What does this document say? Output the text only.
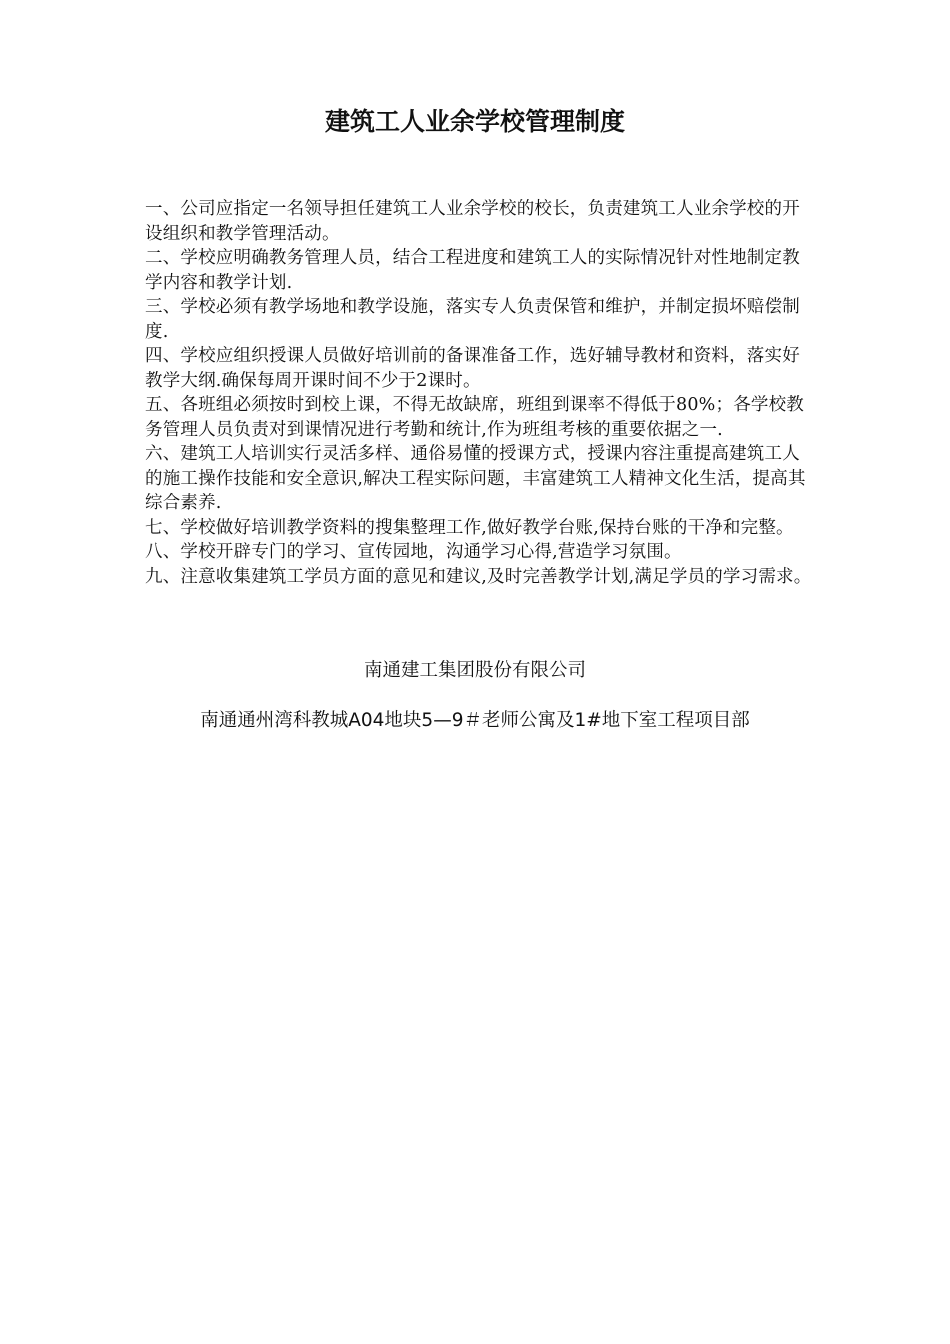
建筑工人业余学校管理制度

一、公司应指定一名领导担任建筑工人业余学校的校长，负责建筑工人业余学校的开设组织和教学管理活动。

二、学校应明确教务管理人员，结合工程进度和建筑工人的实际情况针对性地制定教学内容和教学计划.

三、学校必须有教学场地和教学设施，落实专人负责保管和维护，并制定损坏赔偿制度.

四、学校应组织授课人员做好培训前的备课准备工作，选好辅导教材和资料，落实好教学大纲.确保每周开课时间不少于2课时。

五、各班组必须按时到校上课，不得无故缺席，班组到课率不得低于80%；各学校教务管理人员负责对到课情况进行考勤和统计,作为班组考核的重要依据之一.

六、建筑工人培训实行灵活多样、通俗易懂的授课方式，授课内容注重提高建筑工人的施工操作技能和安全意识,解决工程实际问题，丰富建筑工人精神文化生活，提高其综合素养.

七、学校做好培训教学资料的搜集整理工作,做好教学台账,保持台账的干净和完整。

八、学校开辟专门的学习、宣传园地，沟通学习心得,营造学习氛围。

九、注意收集建筑工学员方面的意见和建议,及时完善教学计划,满足学员的学习需求。

南通建工集团股份有限公司

南通通州湾科教城A04地块5—9＃老师公寓及1#地下室工程项目部
